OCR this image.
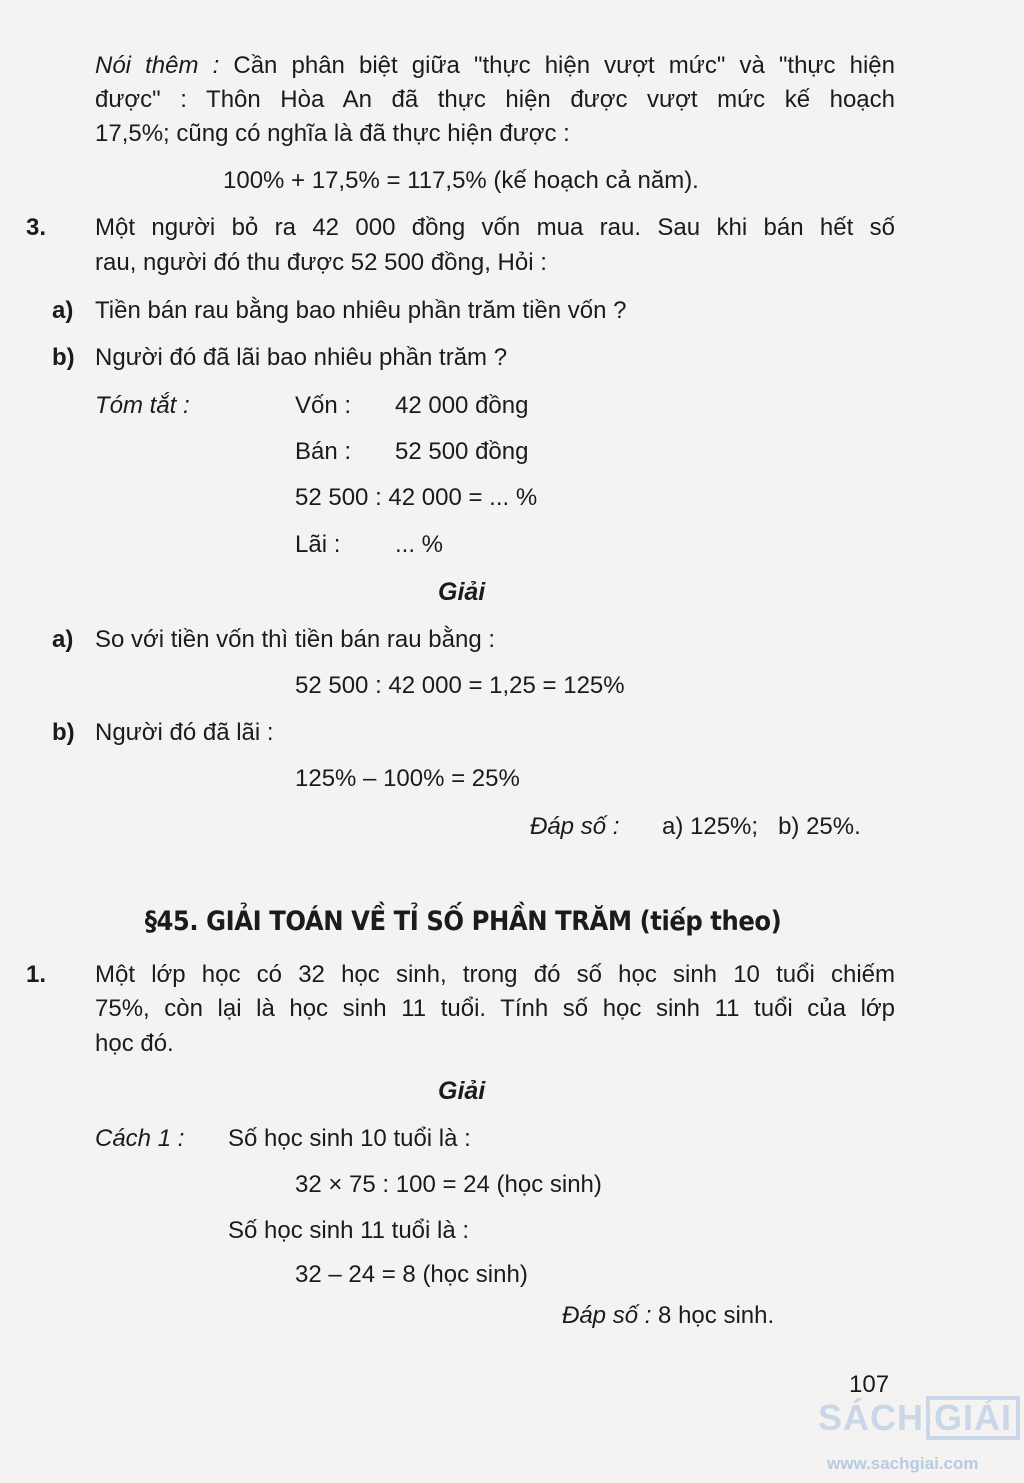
Nói thêm : Cần phân biệt giữa "thực hiện vượt mức" và "thực hiện
được" : Thôn Hòa An đã thực hiện được vượt mức kế hoạch
17,5%; cũng có nghĩa là đã thực hiện được :
100% + 17,5% = 117,5% (kế hoạch cả năm).
3. Một người bỏ ra 42 000 đồng vốn mua rau. Sau khi bán hết số
rau, người đó thu được 52 500 đồng, Hỏi :
a) Tiền bán rau bằng bao nhiêu phần trăm tiền vốn ?
b) Người đó đã lãi bao nhiêu phần trăm ?
Tóm tắt :	Vốn : 42 000 đồng
Bán : 52 500 đồng
52 500 : 42 000 = ... %
Lãi : ... %
Giải
a) So với tiền vốn thì tiền bán rau bằng :
52 500 : 42 000 = 1,25 = 125%
b) Người đó đã lãi :
125% – 100% = 25%
Đáp số : a) 125%;   b) 25%.
§45. GIẢI TOÁN VỀ TỈ SỐ PHẦN TRĂM (tiếp theo)
1. Một lớp học có 32 học sinh, trong đó số học sinh 10 tuổi chiếm
75%, còn lại là học sinh 11 tuổi. Tính số học sinh 11 tuổi của lớp
học đó.
Giải
Cách 1 : Số học sinh 10 tuổi là :
32 × 75 : 100 = 24 (học sinh)
Số học sinh 11 tuổi là :
32 – 24 = 8 (học sinh)
Đáp số : 8 học sinh.
107
SÁCH GIẢI
www.sachgiai.com
